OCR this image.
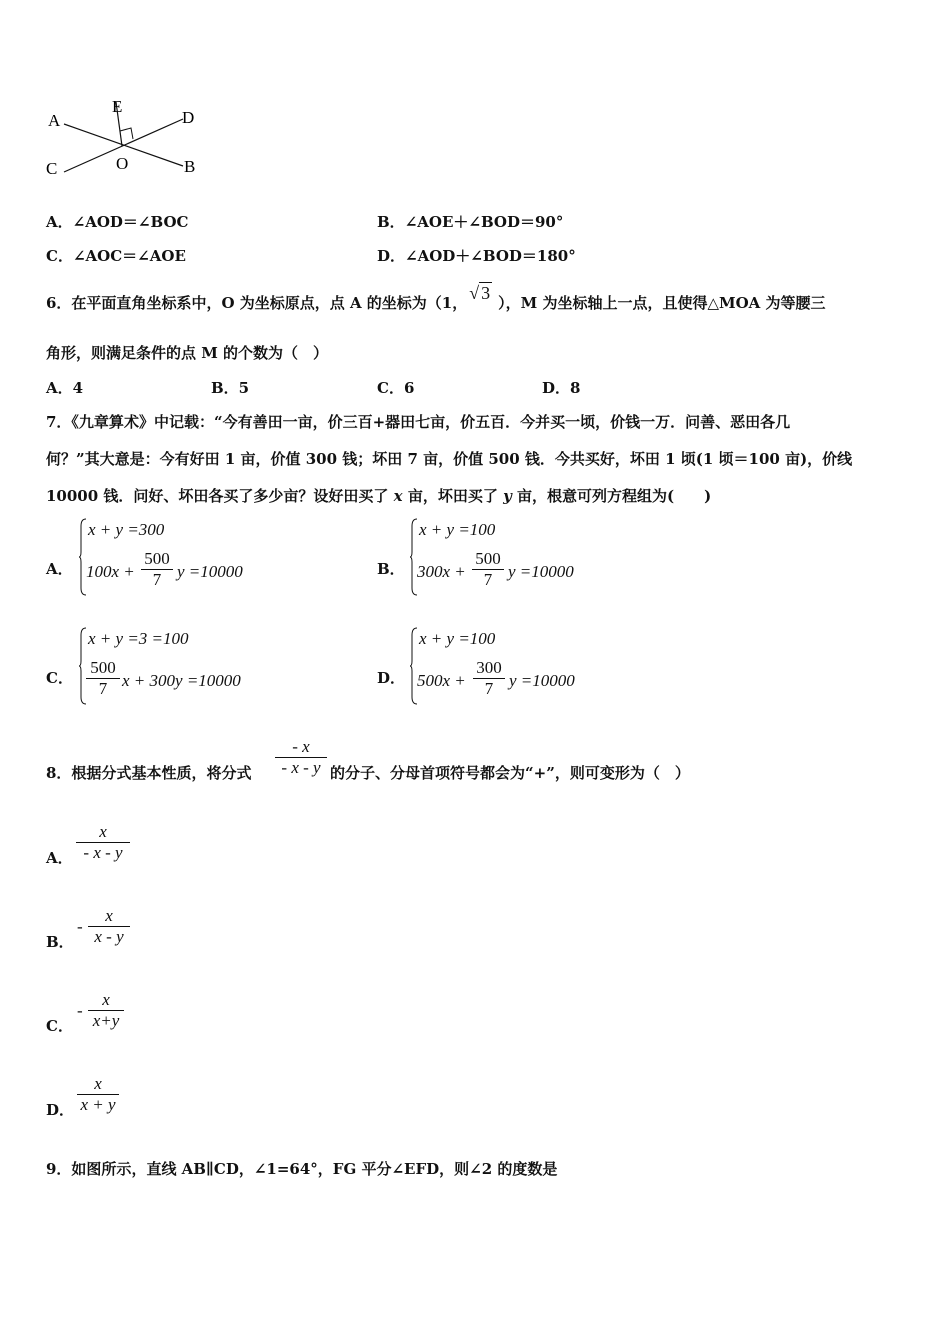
A
E
D
C	O	B
A．∠AOD＝∠BOC	B．∠AOE＋∠BOD＝90°
C．∠AOC＝∠AOE	D．∠AOD＋∠BOD＝180°
6．在平面直角坐标系中，O 为坐标原点，点 A 的坐标为（1， √ 3 ），M 为坐标轴上一点，且使得△MOA 为等腰三
角形，则满足条件的点 M 的个数为（　）
A．4	B．5	C．6	D．8
7．《九章算术》中记载：“今有善田一亩，价三百+器田七亩，价五百．今并买一顷，价钱一万．问善、恶田各几
何？”其大意是：今有好田 1 亩，价值 300 钱；坏田 7 亩，价值 500 钱．今共买好，坏田 1 顷(1 顷＝100 亩)，价线
10000 钱．问好、坏田各买了多少亩？设好田买了 x 亩，坏田买了 y 亩，根意可列方程组为(　　)
A．
x + y =300
$100x + \frac{500}{7}$ y =10000	B．
x + y =100
$300x + \frac{500}{7}$ y =10000
C．
x + y =3 =100
$\frac{500}{7}$ x + 300y =10000	D．
x + y =100
$500x + \frac{300}{7}$ y =10000
8．根据分式基本性质，将分式 $\frac{- x}{- x - y}$ 的分子、分母首项符号都会为“+”，则可变形为（　）
A． $\frac{x}{- x - y}$
B．
- $\frac{x}{x - y}$
C．
- $\frac{x}{x+y}$
D． $\frac{x}{x + y}$
9．如图所示，直线 AB∥CD，∠1=64°，FG 平分∠EFD，则∠2 的度数是
